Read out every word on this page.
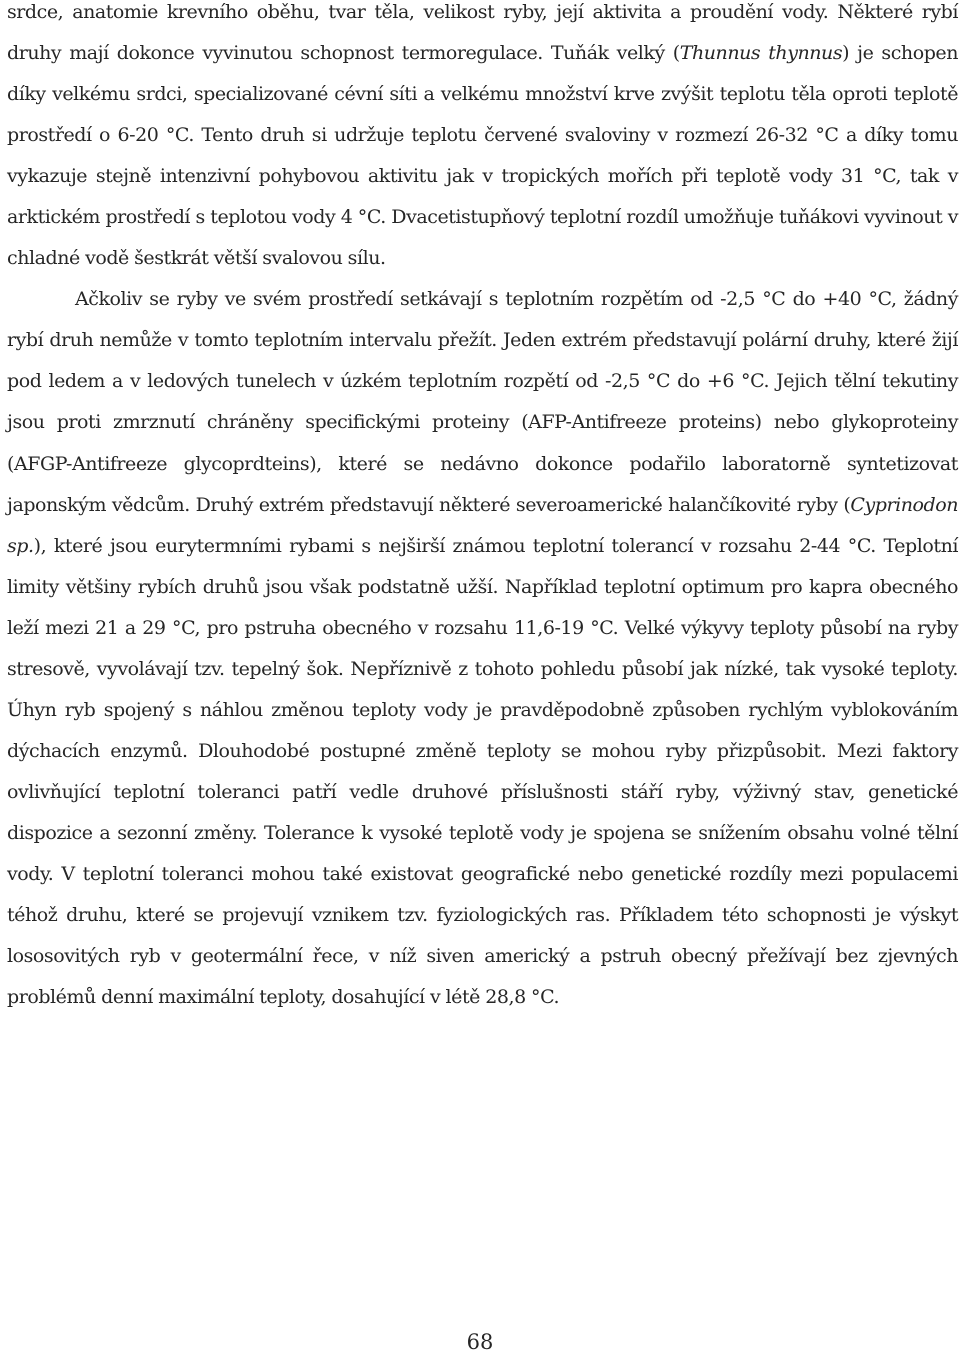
srdce, anatomie krevního oběhu, tvar těla, velikost ryby, její aktivita a proudění vody. Některé rybí druhy mají dokonce vyvinutou schopnost termoregulace. Tuňák velký (Thunnus thynnus) je schopen díky velkému srdci, specializované cévní síti a velkému množství krve zvýšit teplotu těla oproti teplotě prostředí o 6-20 °C. Tento druh si udržuje teplotu červené svaloviny v rozmezí 26-32 °C a díky tomu vykazuje stejně intenzivní pohybovou aktivitu jak v tropických mořích při teplotě vody 31 °C, tak v arktickém prostředí s teplotou vody 4 °C. Dvacetistupňový teplotní rozdíl umožňuje tuňákovi vyvinout v chladné vodě šestkrát větší svalovou sílu.

Ačkoliv se ryby ve svém prostředí setkávají s teplotním rozpětím od -2,5 °C do +40 °C, žádný rybí druh nemůže v tomto teplotním intervalu přežít. Jeden extrém představují polární druhy, které žijí pod ledem a v ledových tunelech v úzkém teplotním rozpětí od -2,5 °C do +6 °C. Jejich tělní tekutiny jsou proti zmrznutí chráněny specifickými proteiny (AFP-Antifreeze proteins) nebo glykoproteiny (AFGP-Antifreeze glycoprdteins), které se nedávno dokonce podařilo laboratorně syntetizovat japonským vědcům. Druhý extrém představují některé severoamerické halančíkovité ryby (Cyprinodon sp.), které jsou eurytermními rybami s nejširší známou teplotní tolerancí v rozsahu 2-44 °C. Teplotní limity většiny rybích druhů jsou však podstatně užší. Například teplotní optimum pro kapra obecného leží mezi 21 a 29 °C, pro pstruha obecného v rozsahu 11,6-19 °C. Velké výkyvy teploty působí na ryby stresově, vyvolávají tzv. tepelný šok. Nepříznivě z tohoto pohledu působí jak nízké, tak vysoké teploty. Úhyn ryb spojený s náhlou změnou teploty vody je pravděpodobně způsoben rychlým vyblokováním dýchacích enzymů. Dlouhodobé postupné změně teploty se mohou ryby přizpůsobit. Mezi faktory ovlivňující teplotní toleranci patří vedle druhové příslušnosti stáří ryby, výživný stav, genetické dispozice a sezonní změny. Tolerance k vysoké teplotě vody je spojena se snížením obsahu volné tělní vody. V teplotní toleranci mohou také existovat geografické nebo genetické rozdíly mezi populacemi téhož druhu, které se projevují vznikem tzv. fyziologických ras. Příkladem této schopnosti je výskyt lososovitých ryb v geotermální řece, v níž siven americký a pstruh obecný přežívají bez zjevných problémů denní maximální teploty, dosahující v létě 28,8 °C.

68
